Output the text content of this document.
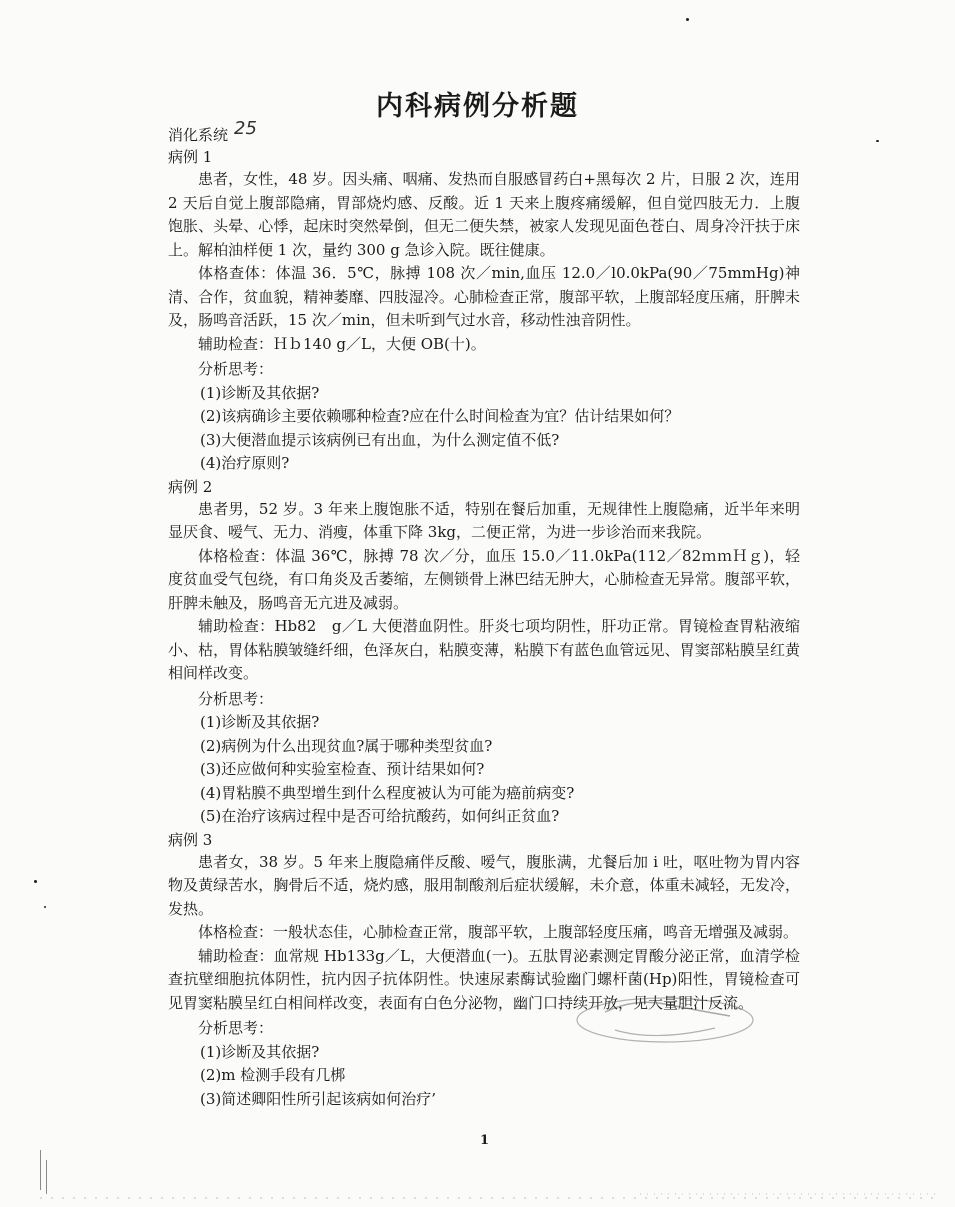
内科病例分析题
消化系统 25
病例 1

患者，女性，48 岁。因头痛、咽痛、发热而自服感冒药白+黑每次 2 片，日服 2 次，连用 2 天后自觉上腹部隐痛，胃部烧灼感、反酸。近 1 天来上腹疼痛缓解，但自觉四肢无力．上腹饱胀、头晕、心悸，起床时突然晕倒，但无二便失禁，被家人发现见面色苍白、周身冷汗扶于床上。解柏油样便 1 次，量约 300 g 急诊入院。既往健康。

体格查体：体温 36．5℃，脉搏 108 次／min,血压 12.0／l0.0kPa(90／75mmHg)神清、合作，贫血貌，精神萎靡、四肢湿冷。心肺检查正常，腹部平软，上腹部轻度压痛，肝脾未及，肠鸣音活跃，15 次／min，但未听到气过水音，移动性浊音阴性。

辅助检查：Ｈｂ140 g／L，大便 OB(十)。

分析思考：
(1)诊断及其依据?
(2)该病确诊主要依赖哪种检查?应在什么时间检查为宜？估计结果如何？
(3)大便潜血提示该病例已有出血，为什么测定值不低?
(4)治疗原则?
病例 2

患者男，52 岁。3 年来上腹饱胀不适，特别在餐后加重，无规律性上腹隐痛，近半年来明显厌食、嗳气、无力、消瘦，体重下降 3kg，二便正常，为进一步诊治而来我院。

体格检查：体温 36℃，脉搏 78 次／分，血压 15.0／11.0kPa(112／82ｍｍＨｇ)，轻度贫血受气包绕，有口角炎及舌萎缩，左侧锁骨上淋巴结无肿大，心肺检查无异常。腹部平软，肝脾未触及，肠鸣音无亢进及减弱。

辅助检查：Hb82　g／L 大便潜血阴性。肝炎七项均阴性，肝功正常。胃镜检查胃粘液缩小、枯，胃体粘膜皱缝纤细，色泽灰白，粘膜变薄，粘膜下有蓝色血管远见、胃窦部粘膜呈红黄相间样改变。

分析思考：
(1)诊断及其依据?
(2)病例为什么出现贫血?属于哪种类型贫血?
(3)还应做何种实验室检查、预计结果如何?
(4)胃粘膜不典型增生到什么程度被认为可能为癌前病变?
(5)在治疗该病过程中是否可给抗酸药，如何纠正贫血?
病例 3

患者女，38 岁。5 年来上腹隐痛伴反酸、嗳气，腹胀满，尤餐后加 i 吐，呕吐物为胃内容物及黄绿苦水，胸骨后不适，烧灼感，服用制酸剂后症状缓解，未介意，体重未减轻，无发冷，发热。

体格检查：一般状态佳，心肺检查正常，腹部平软，上腹部轻度压痛，鸣音无增强及减弱。

辅助检查：血常规 Hb133g／L，大便潜血(一)。五肽胃泌素测定胃酸分泌正常，血清学检查抗壁细胞抗体阴性，抗内因子抗体阴性。快速尿素酶试验幽门螺杆菌(Hp)阳性，胃镜检查可见胃窦粘膜呈红白相间样改变，表面有白色分泌物，幽门口持续开放，见大量胆汁反流。

分析思考：
(1)诊断及其依据?
(2)m 检测手段有几梆
(3)简述卿阳性所引起该病如何治疗’
1
